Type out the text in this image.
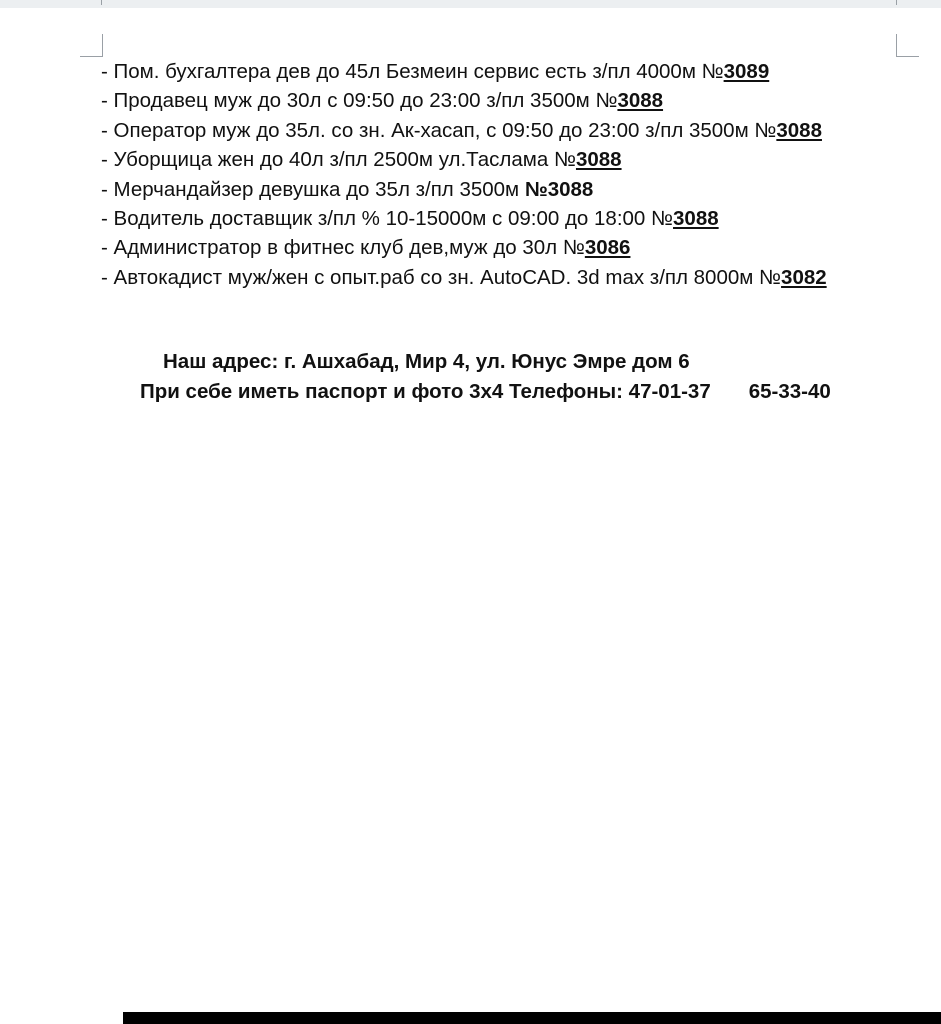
- Пом. бухгалтера дев до 45л Безмеин сервис есть з/пл 4000м №3089
- Продавец муж до 30л с 09:50 до 23:00 з/пл 3500м №3088
- Оператор муж до 35л. со зн. Ак-хасап, с 09:50 до 23:00 з/пл 3500м №3088
- Уборщица жен до 40л з/пл 2500м ул.Таслама №3088
- Мерчандайзер девушка до 35л з/пл 3500м №3088
- Водитель доставщик з/пл % 10-15000м с 09:00 до 18:00 №3088
- Администратор в фитнес клуб дев,муж до 30л №3086
- Автокадист муж/жен с опыт.раб со зн. AutoCAD. 3d max з/пл 8000м №3082
Наш адрес: г. Ашхабад, Мир 4, ул. Юнус Эмре дом 6
При себе иметь паспорт и фото 3x4 Телефоны: 47-01-37 65-33-40
